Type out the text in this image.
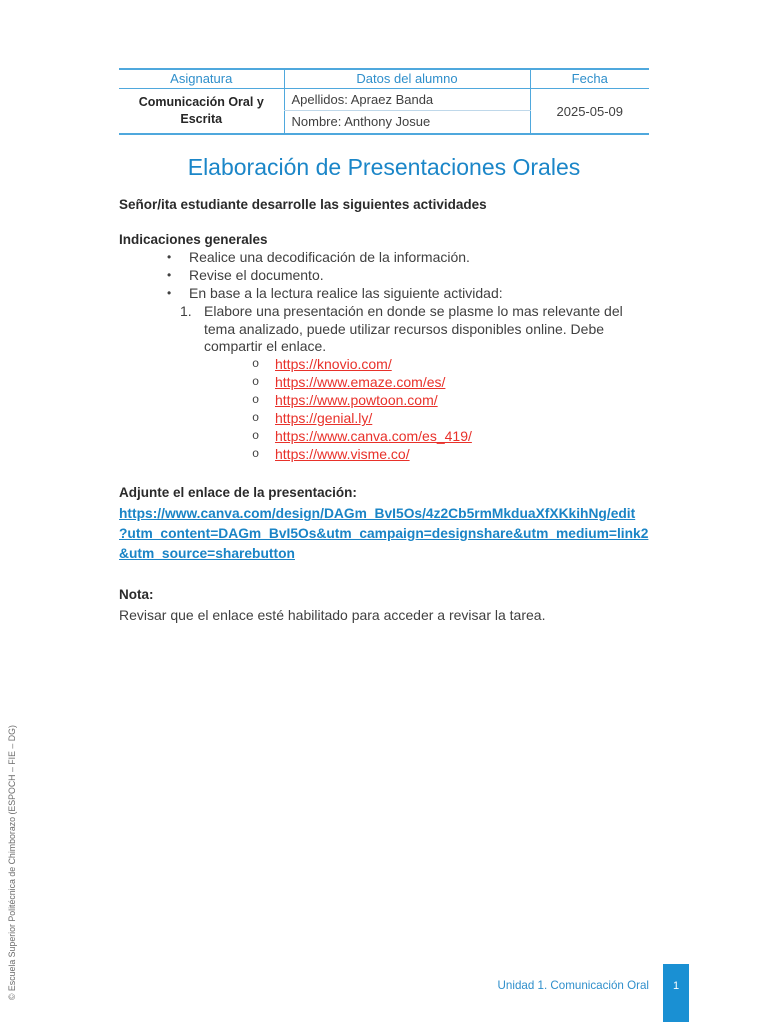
© Escuela Superior Politécnica de Chimborazo (ESPOCH – FIE – DG)
Asignatura	Datos del alumno	Fecha
Comunicación Oral y Escrita	Apellidos: Apraez Banda	2025-05-09
	Nombre: Anthony Josue	
Elaboración de Presentaciones Orales
Señor/ita estudiante desarrolle las siguientes actividades
Indicaciones generales
• Realice una decodificación de la información.
• Revise el documento.
• En base a la lectura realice las siguiente actividad:
1. Elabore una presentación en donde se plasme lo mas relevante del
tema analizado, puede utilizar recursos disponibles online. Debe
compartir el enlace.
o https://knovio.com/
o https://www.emaze.com/es/
o https://www.powtoon.com/
o https://genial.ly/
o https://www.canva.com/es_419/
o https://www.visme.co/
Adjunte el enlace de la presentación:
https://www.canva.com/design/DAGm_BvI5Os/4z2Cb5rmMkduaXfXKkihNg/edit
?utm_content=DAGm_BvI5Os&utm_campaign=designshare&utm_medium=link2
&utm_source=sharebutton
Nota:
Revisar que el enlace esté habilitado para acceder a revisar la tarea.
Unidad 1. Comunicación Oral	1
